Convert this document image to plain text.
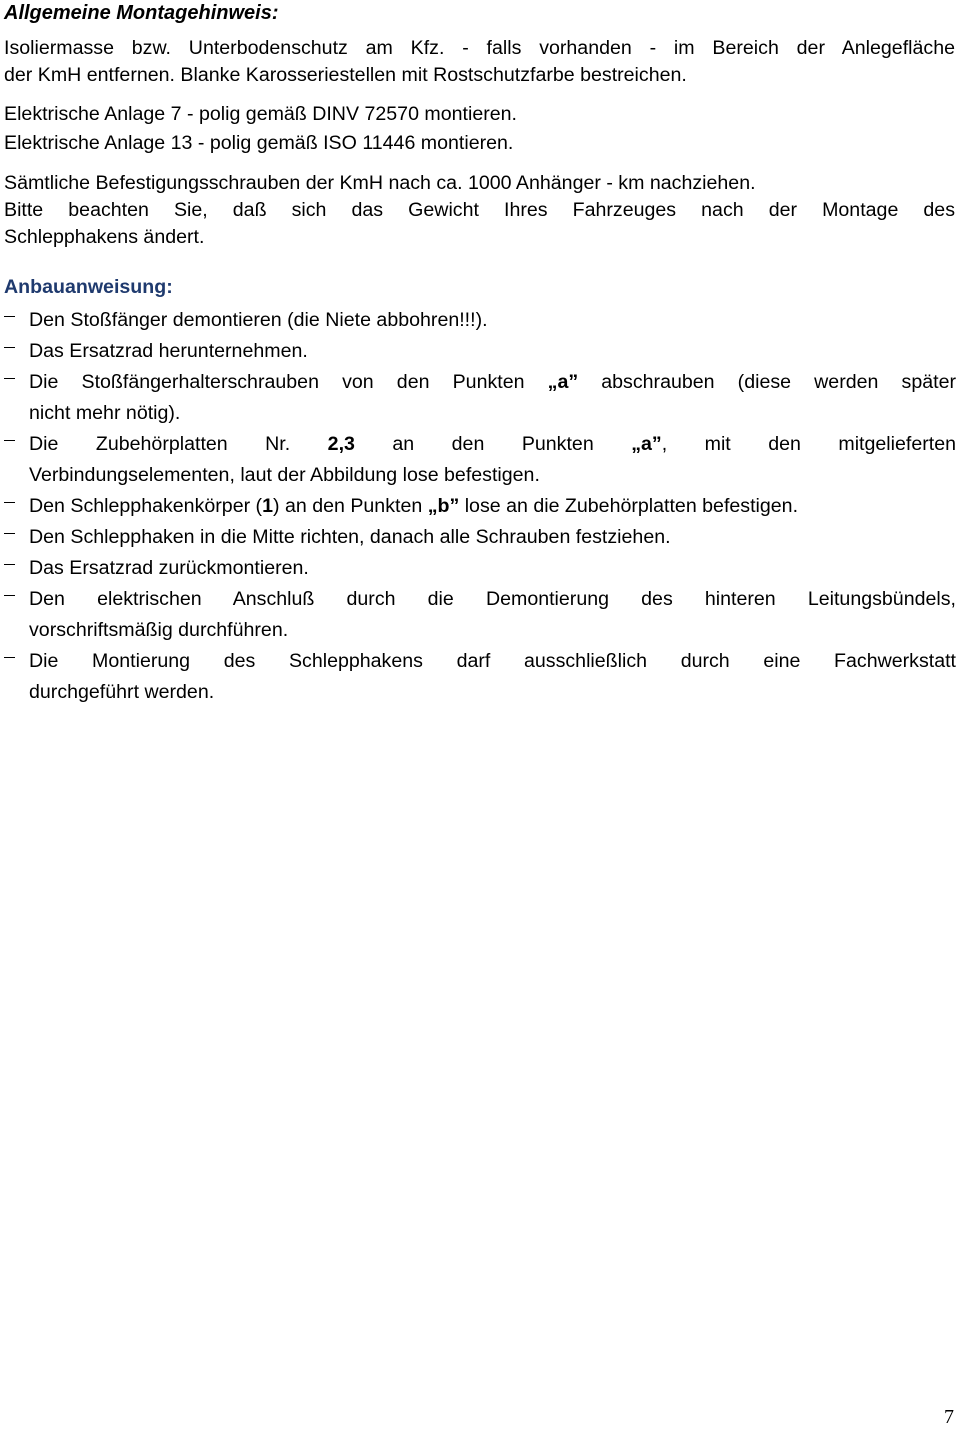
Allgemeine Montagehinweis:
Isoliermasse bzw. Unterbodenschutz am Kfz. - falls vorhanden - im Bereich der Anlegefläche
der KmH entfernen. Blanke Karosseriestellen mit Rostschutzfarbe bestreichen.
Elektrische Anlage 7 - polig gemäß DINV 72570 montieren.
Elektrische Anlage 13 - polig gemäß ISO 11446 montieren.
Sämtliche Befestigungsschrauben der KmH nach ca. 1000 Anhänger - km nachziehen.
Bitte beachten Sie, daß sich das Gewicht Ihres Fahrzeuges nach der Montage des
Schlepphakens ändert.
Anbauanweisung:
Den Stoßfänger demontieren (die Niete abbohren!!!).
Das Ersatzrad herunternehmen.
Die Stoßfängerhalterschrauben von den Punkten „a” abschrauben (diese werden später
nicht mehr nötig).
Die Zubehörplatten Nr. 2,3 an den Punkten „a”, mit den mitgelieferten
Verbindungselementen, laut der Abbildung lose befestigen.
Den Schlepphakenkörper (1) an den Punkten „b” lose an die Zubehörplatten befestigen.
Den Schlepphaken in die Mitte richten, danach alle Schrauben festziehen.
Das Ersatzrad zurückmontieren.
Den elektrischen Anschluß durch die Demontierung des hinteren Leitungsbündels,
vorschriftsmäßig durchführen.
Die Montierung des Schlepphakens darf ausschließlich durch eine Fachwerkstatt
durchgeführt werden.
7
